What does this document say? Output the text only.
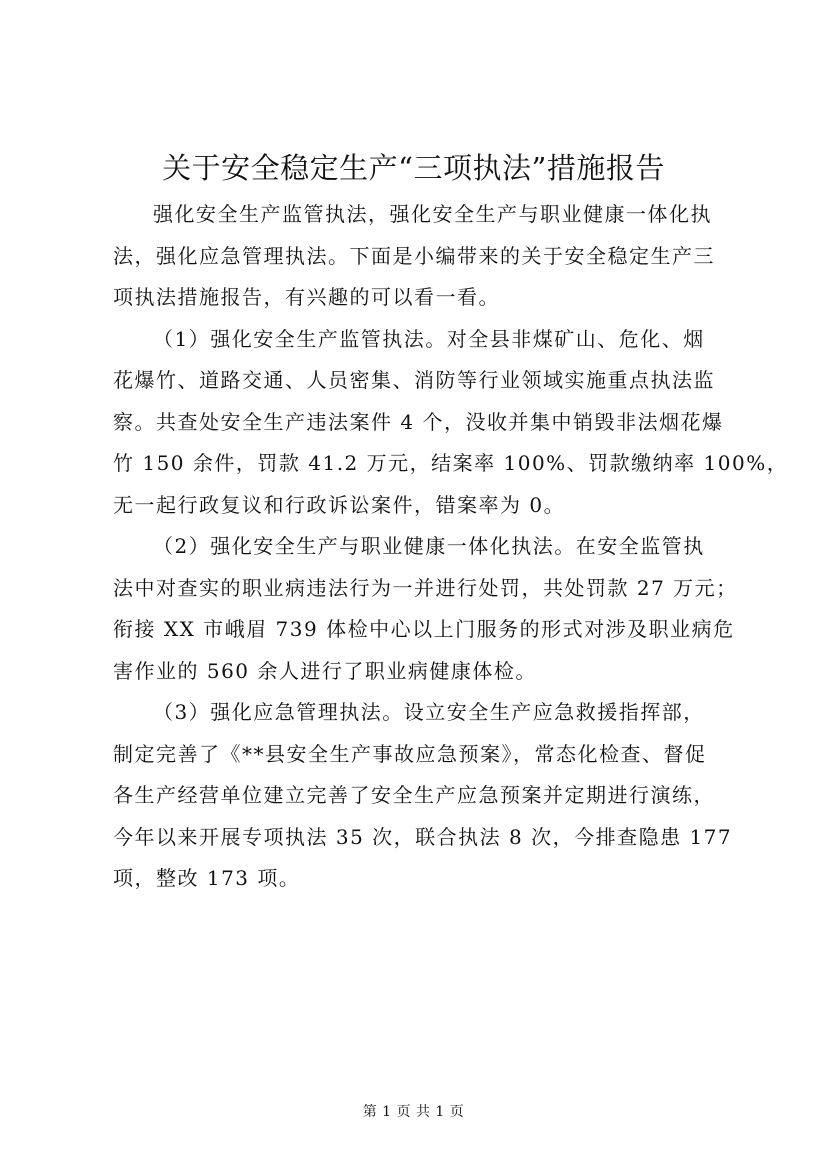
关于安全稳定生产“三项执法”措施报告

强化安全生产监管执法，强化安全生产与职业健康一体化执
法，强化应急管理执法。下面是小编带来的关于安全稳定生产三
项执法措施报告，有兴趣的可以看一看。

（1）强化安全生产监管执法。对全县非煤矿山、危化、烟
花爆竹、道路交通、人员密集、消防等行业领域实施重点执法监
察。共查处安全生产违法案件 4 个，没收并集中销毁非法烟花爆
竹 150 余件，罚款 41.2 万元，结案率 100%、罚款缴纳率 100%，
无一起行政复议和行政诉讼案件，错案率为 0。

（2）强化安全生产与职业健康一体化执法。在安全监管执
法中对查实的职业病违法行为一并进行处罚，共处罚款 27 万元；
衔接 XX 市峨眉 739 体检中心以上门服务的形式对涉及职业病危
害作业的 560 余人进行了职业病健康体检。

（3）强化应急管理执法。设立安全生产应急救援指挥部，
制定完善了《**县安全生产事故应急预案》，常态化检查、督促
各生产经营单位建立完善了安全生产应急预案并定期进行演练，
今年以来开展专项执法 35 次，联合执法 8 次，今排查隐患 177
项，整改 173 项。

第 1 页 共 1 页
